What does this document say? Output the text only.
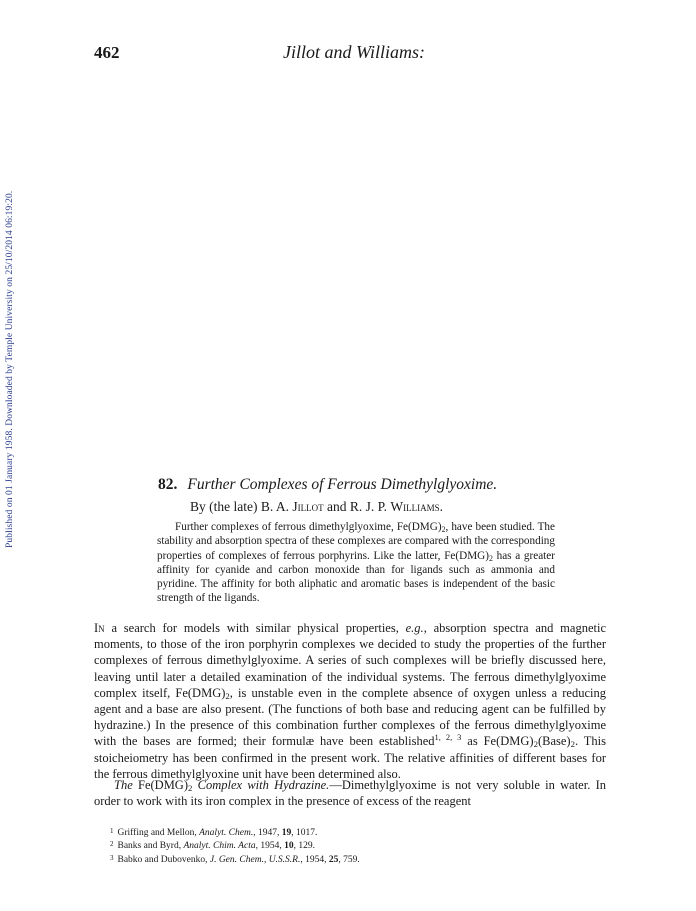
462	Jillot and Williams:
Published on 01 January 1958. Downloaded by Temple University on 25/10/2014 06:19:20.	82. Further Complexes of Ferrous Dimethylglyoxime.
By (the late) B. A. Jillot and R. J. P. Williams.

Further complexes of ferrous dimethylglyoxime, $Fe(DMG)_2$, have been studied. The stability and absorption spectra of these complexes are compared with the corresponding properties of complexes of ferrous porphyrins. Like the latter, $Fe(DMG)_2$ has a greater affinity for cyanide and carbon monoxide than for ligands such as ammonia and pyridine. The affinity for both aliphatic and aromatic bases is independent of the basic strength of the ligands.

In a search for models with similar physical properties, e.g., absorption spectra and magnetic moments, to those of the iron porphyrin complexes we decided to study the properties of the further complexes of ferrous dimethylglyoxime. A series of such complexes will be briefly discussed here, leaving until later a detailed examination of the individual systems. The ferrous dimethylglyoxime complex itself, $Fe(DMG)_2$, is unstable even in the complete absence of oxygen unless a reducing agent and a base are also present. (The functions of both base and reducing agent can be fulfilled by hydrazine.) In the presence of this combination further complexes of the ferrous dimethylglyoxime with the bases are formed; their formulæ have been established$^{1, 2, 3}$ as $Fe(DMG)_2(Base)_2$. This stoicheiometry has been confirmed in the present work. The relative affinities of different bases for the ferrous dimethylglyoxine unit have been determined also.

The $Fe(DMG)_2$ Complex with Hydrazine.—Dimethylglyoxime is not very soluble in water. In order to work with its iron complex in the presence of excess of the reagent

$^1$ Griffing and Mellon, Analyt. Chem., 1947, 19, 1017.
$^2$ Banks and Byrd, Analyt. Chim. Acta, 1954, 10, 129.
$^3$ Babko and Dubovenko, J. Gen. Chem., U.S.S.R., 1954, 25, 759.
